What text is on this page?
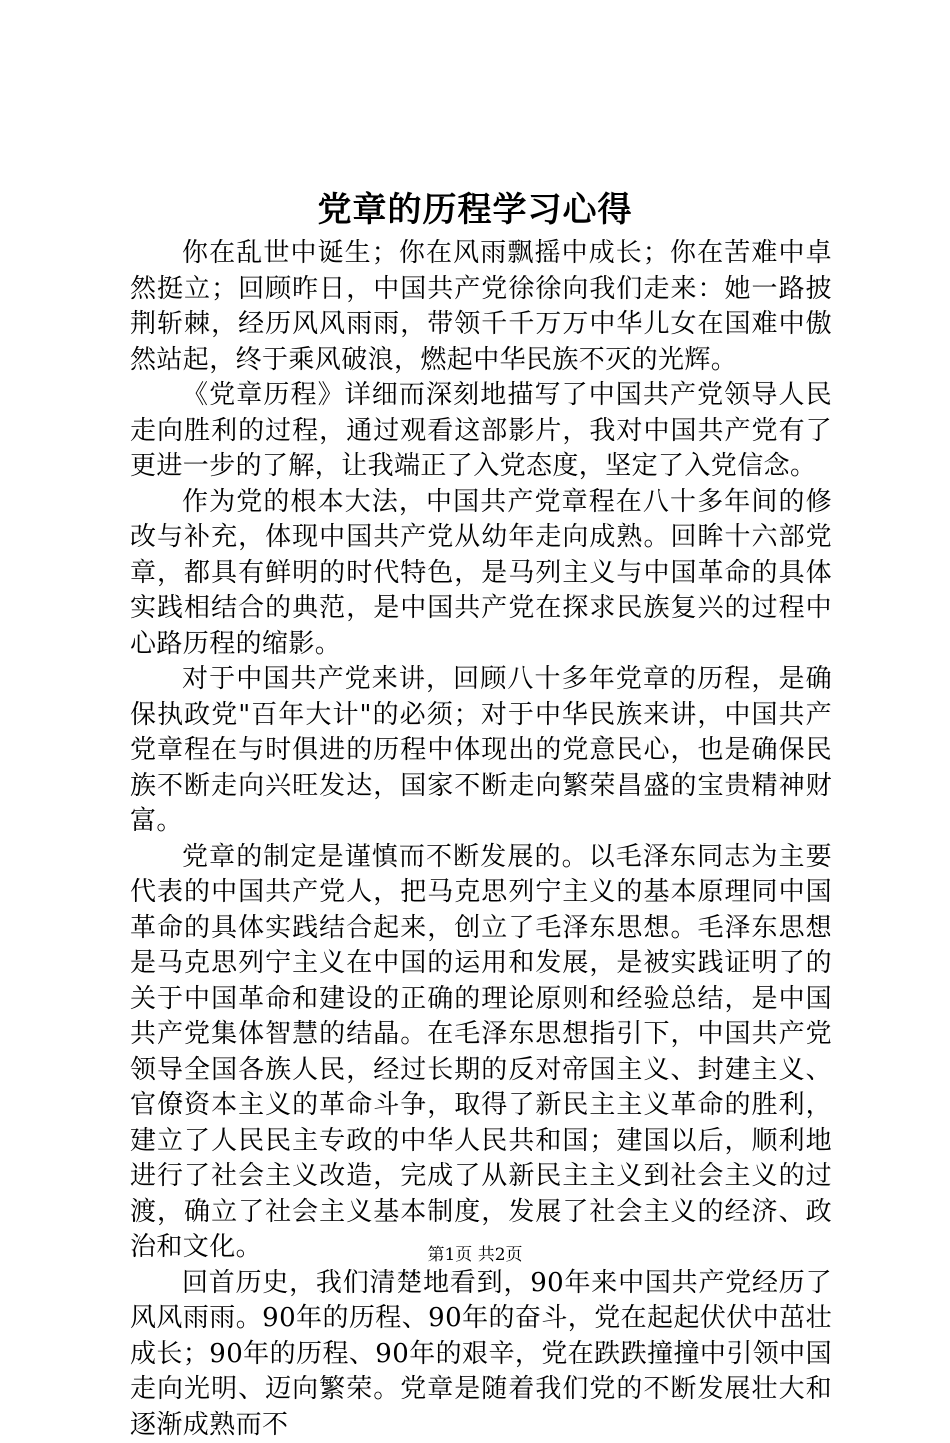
党章的历程学习心得

你在乱世中诞生；你在风雨飘摇中成长；你在苦难中卓然挺立；回顾昨日，中国共产党徐徐向我们走来：她一路披荆斩棘，经历风风雨雨，带领千千万万中华儿女在国难中傲然站起，终于乘风破浪，燃起中华民族不灭的光辉。

《党章历程》详细而深刻地描写了中国共产党领导人民走向胜利的过程，通过观看这部影片，我对中国共产党有了更进一步的了解，让我端正了入党态度，坚定了入党信念。

作为党的根本大法，中国共产党章程在八十多年间的修改与补充，体现中国共产党从幼年走向成熟。回眸十六部党章，都具有鲜明的时代特色，是马列主义与中国革命的具体实践相结合的典范，是中国共产党在探求民族复兴的过程中心路历程的缩影。

对于中国共产党来讲，回顾八十多年党章的历程，是确保执政党"百年大计"的必须；对于中华民族来讲，中国共产党章程在与时俱进的历程中体现出的党意民心，也是确保民族不断走向兴旺发达，国家不断走向繁荣昌盛的宝贵精神财富。

党章的制定是谨慎而不断发展的。以毛泽东同志为主要代表的中国共产党人，把马克思列宁主义的基本原理同中国革命的具体实践结合起来，创立了毛泽东思想。毛泽东思想是马克思列宁主义在中国的运用和发展，是被实践证明了的关于中国革命和建设的正确的理论原则和经验总结，是中国共产党集体智慧的结晶。在毛泽东思想指引下，中国共产党领导全国各族人民，经过长期的反对帝国主义、封建主义、官僚资本主义的革命斗争，取得了新民主主义革命的胜利，建立了人民民主专政的中华人民共和国；建国以后，顺利地进行了社会主义改造，完成了从新民主主义到社会主义的过渡，确立了社会主义基本制度，发展了社会主义的经济、政治和文化。

回首历史，我们清楚地看到，90年来中国共产党经历了风风雨雨。90年的历程、90年的奋斗，党在起起伏伏中茁壮成长；90年的历程、90年的艰辛，党在跌跌撞撞中引领中国走向光明、迈向繁荣。党章是随着我们党的不断发展壮大和逐渐成熟而不

第1页 共2页
